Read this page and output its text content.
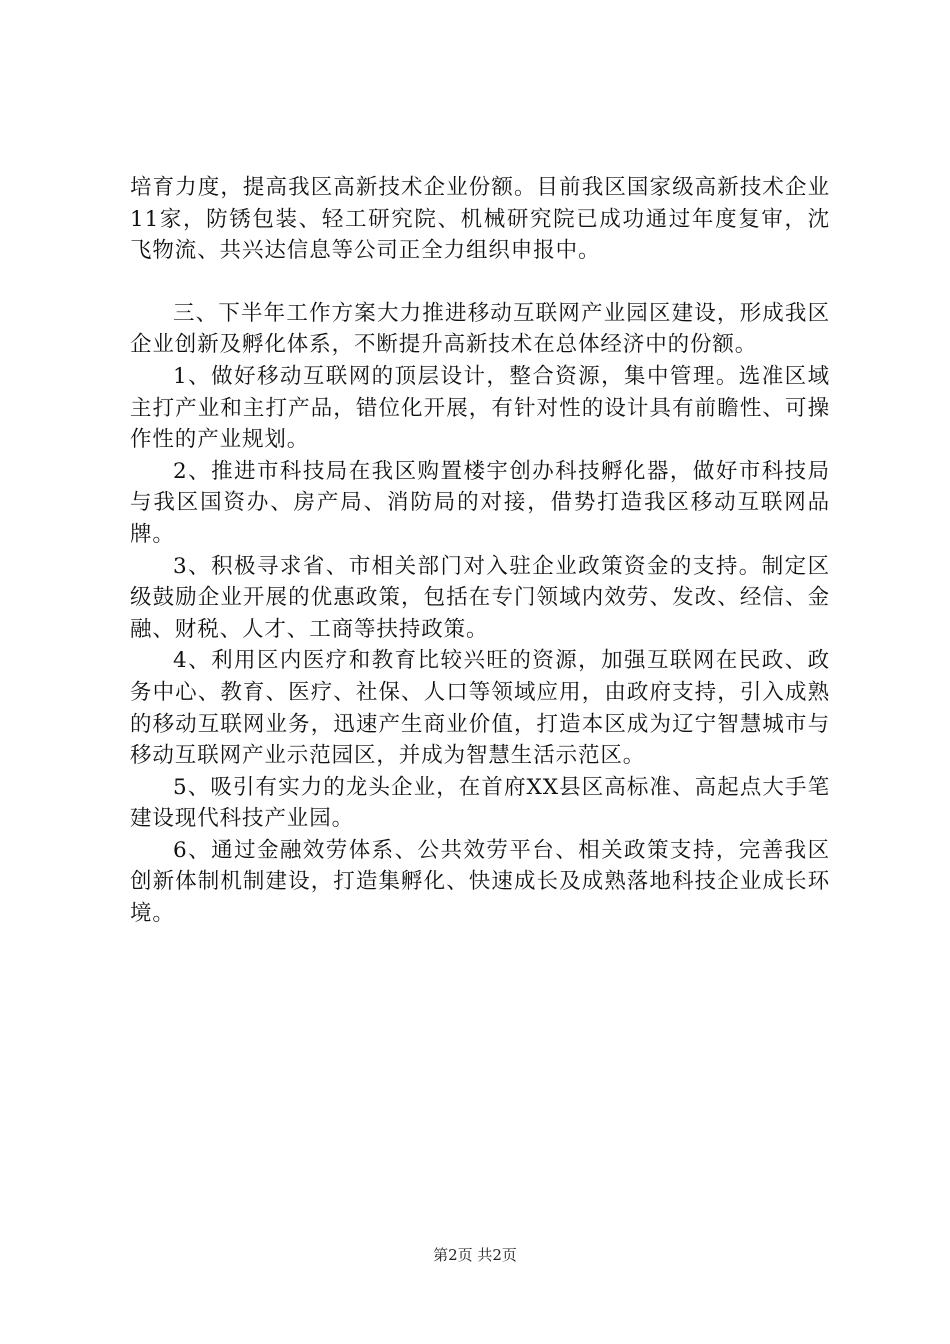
培育力度，提高我区高新技术企业份额。目前我区国家级高新技术企业11家，防锈包装、轻工研究院、机械研究院已成功通过年度复审，沈飞物流、共兴达信息等公司正全力组织申报中。

三、下半年工作方案大力推进移动互联网产业园区建设，形成我区企业创新及孵化体系，不断提升高新技术在总体经济中的份额。

1、做好移动互联网的顶层设计，整合资源，集中管理。选准区域主打产业和主打产品，错位化开展，有针对性的设计具有前瞻性、可操作性的产业规划。

2、推进市科技局在我区购置楼宇创办科技孵化器，做好市科技局与我区国资办、房产局、消防局的对接，借势打造我区移动互联网品牌。

3、积极寻求省、市相关部门对入驻企业政策资金的支持。制定区级鼓励企业开展的优惠政策，包括在专门领域内效劳、发改、经信、金融、财税、人才、工商等扶持政策。

4、利用区内医疗和教育比较兴旺的资源，加强互联网在民政、政务中心、教育、医疗、社保、人口等领域应用，由政府支持，引入成熟的移动互联网业务，迅速产生商业价值，打造本区成为辽宁智慧城市与移动互联网产业示范园区，并成为智慧生活示范区。

5、吸引有实力的龙头企业，在首府XX县区高标准、高起点大手笔建设现代科技产业园。

6、通过金融效劳体系、公共效劳平台、相关政策支持，完善我区创新体制机制建设，打造集孵化、快速成长及成熟落地科技企业成长环境。

第2页 共2页
